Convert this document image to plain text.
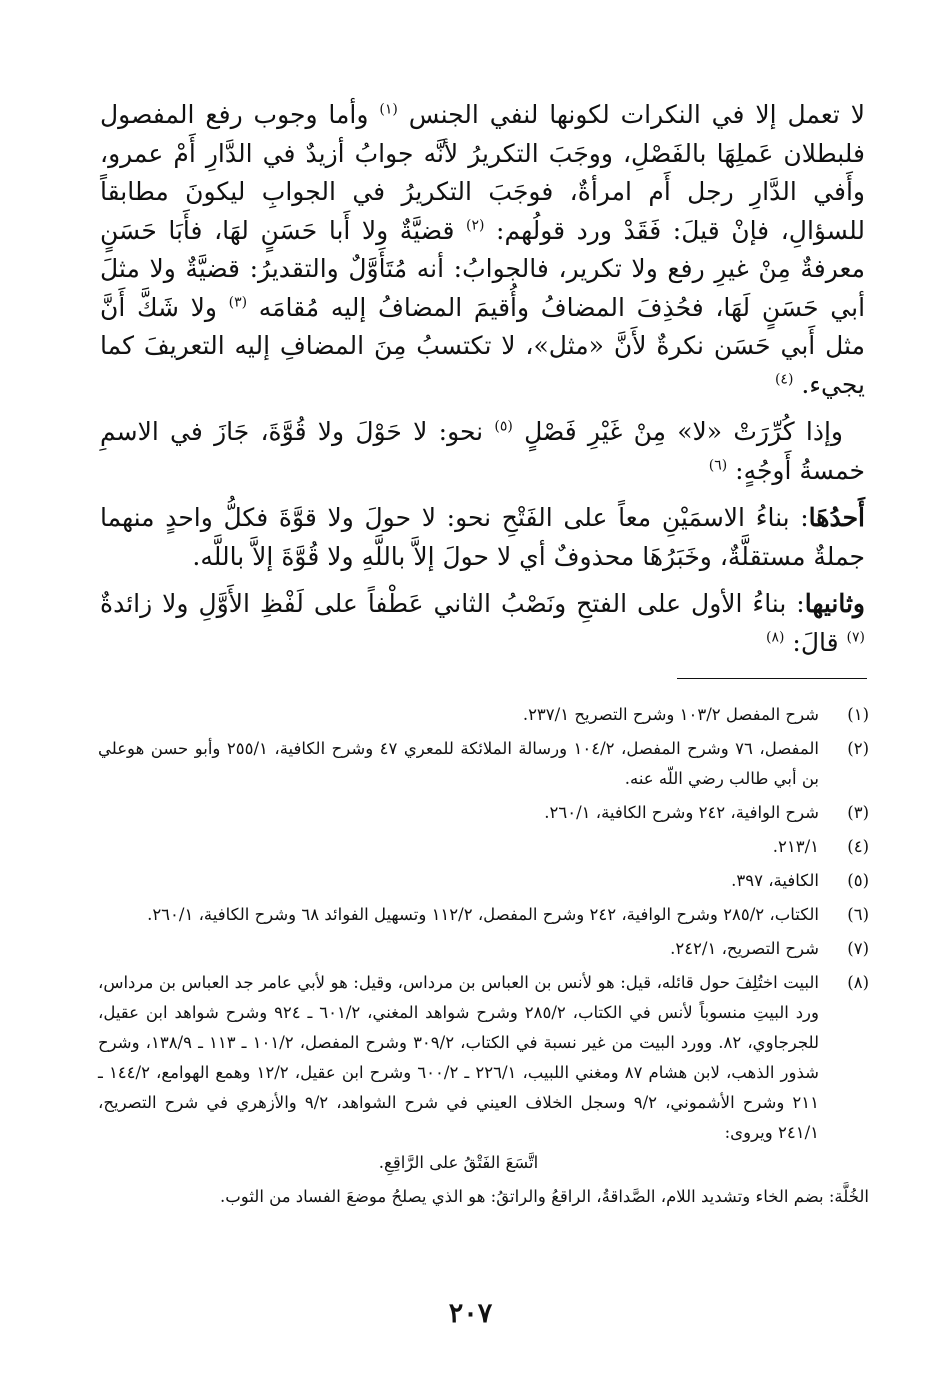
لا تعمل إلا في النكرات لكونها لنفي الجنس $^{(١)}$ وأما وجوب رفع المفصول فلبطلان عَملِهَا بالفَصْلِ، ووجَبَ التكريرُ لأنَّه جوابُ أزيدٌ في الدَّارِ أَمْ عمرو، وأَفي الدَّارِ رجل أَم امرأةٌ، فوجَبَ التكريرُ في الجوابِ ليكونَ مطابقاً للسؤالِ، فإنْ قيلَ: فَقَدْ ورد قولُهم: $^{(٢)}$ قضيَّةٌ ولا أَبا حَسَنٍ لهَا، فأَبَا حَسَنٍ معرفةٌ مِنْ غيرِ رفع ولا تكرير، فالجوابُ: أنه مُتَأَوَّلٌ والتقديرُ: قضيَّةٌ ولا مثلَ أبي حَسَنٍ لَهَا، فحُذِفَ المضافُ وأُقيمَ المضافُ إليه مُقامَه $^{(٣)}$ ولا شَكَّ أَنَّ مثل أَبي حَسَن نكرةٌ لأَنَّ «مثل»، لا تكتسبُ مِنَ المضافِ إليه التعريفَ كما يجيء. $^{(٤)}$

وإذا كُرِّرَتْ «لا» مِنْ غَيْرِ فَصْلٍ $^{(٥)}$ نحو: لا حَوْلَ ولا قُوَّةَ، جَازَ في الاسمِ خمسةُ أَوجُهٍ: $^{(٦)}$

أَحدُهَا: بناءُ الاسمَيْنِ معاً على الفَتْحِ نحو: لا حولَ ولا قوَّةَ فكلُّ واحدٍ منهما جملةٌ مستقلَّةٌ، وخَبَرُهَا محذوفٌ أي لا حولَ إلاَّ باللَّهِ ولا قُوَّةَ إلاَّ باللَّه.

وثانيها: بناءُ الأول على الفتحِ ونَصْبُ الثاني عَطْفاً على لَفْظِ الأَوَّلِ ولا زائدةٌ $^{(٧)}$ قالَ: $^{(٨)}$

(١)
شرح المفصل ١٠٣/٢ وشرح التصريح ٢٣٧/١.
(٢)
المفصل، ٧٦ وشرح المفصل، ١٠٤/٢ ورسالة الملائكة للمعري ٤٧ وشرح الكافية، ٢٥٥/١ وأبو حسن هوعلي بن أبي طالب رضي اللّه عنه.
(٣)
شرح الوافية، ٢٤٢ وشرح الكافية، ٢٦٠/١.
(٤)
٢١٣/١.
(٥)
الكافية، ٣٩٧.
(٦)
الكتاب، ٢٨٥/٢ وشرح الوافية، ٢٤٢ وشرح المفصل، ١١٢/٢ وتسهيل الفوائد ٦٨ وشرح الكافية، ٢٦٠/١.
(٧)
شرح التصريح، ٢٤٢/١.
(٨)
البيت اختُلِفَ حول قائله، قيل: هو لأنس بن العباس بن مرداس، وقيل: هو لأبي عامر جد العباس بن مرداس، ورد البيتِ منسوباً لأنس في الكتاب، ٢٨٥/٢ وشرح شواهد المغني، ٦٠١/٢ ـ ٩٢٤ وشرح شواهد ابن عقيل، للجرجاوي، ٨٢. وورد البيت من غير نسبة في الكتاب، ٣٠٩/٢ وشرح المفصل، ١٠١/٢ ـ ١١٣ ـ ١٣٨/٩، وشرح شذور الذهب، لابن هشام ٨٧ ومغني اللبيب، ٢٢٦/١ ـ ٦٠٠/٢ وشرح ابن عقيل، ١٢/٢ وهمع الهوامع، ١٤٤/٢ ـ ٢١١ وشرح الأشموني، ٩/٢ وسجل الخلاف العيني في شرح الشواهد، ٩/٢ والأزهري في شرح التصريح، ٢٤١/١ ويروى:
اتَّسَعَ الفَتْقُ على الرَّاقِعِ.

الخُلَّة: بضم الخاء وتشديد اللام، الصَّداقةُ، الراقعُ والراتقُ: هو الذي يصلحُ موضعَ الفساد من الثوب.

٢٠٧
